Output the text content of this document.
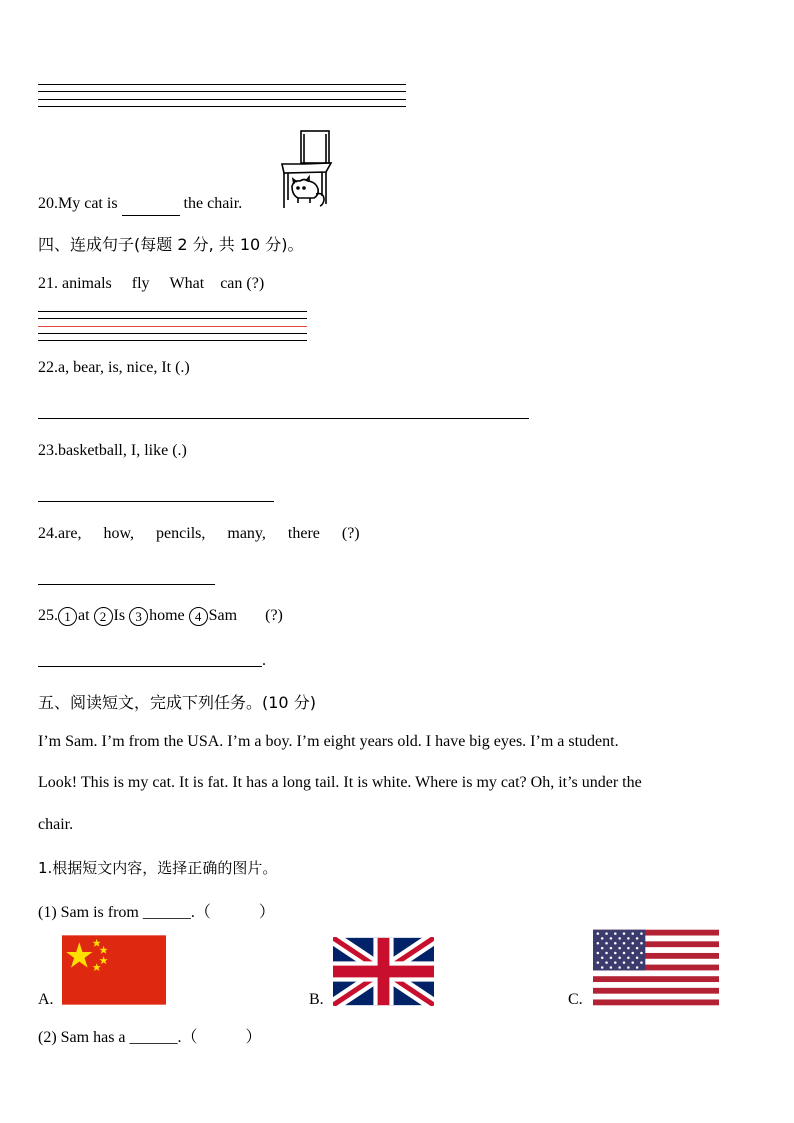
20.My cat is	the chair.
四、连成句子(每题 2 分, 共 10 分)。
21. animals fly What can (?)
22.a, bear, is, nice, It (.)
23.basketball, I, like (.)
24.are, how, pencils, many, there (?)
25. 1 at 2 Is 3 home 4 Sam (?)
.
五、阅读短文，完成下列任务。(10 分)
I’m Sam. I’m from the USA. I’m a boy. I’m eight years old. I have big eyes. I’m a student.
Look! This is my cat. It is fat. It has a long tail. It is white. Where is my cat? Oh, it’s under the
chair.
1.根据短文内容，选择正确的图片。
(1) Sam is from ______.（　　　）
A.	B.	C.
(2) Sam has a ______.（　　　）
